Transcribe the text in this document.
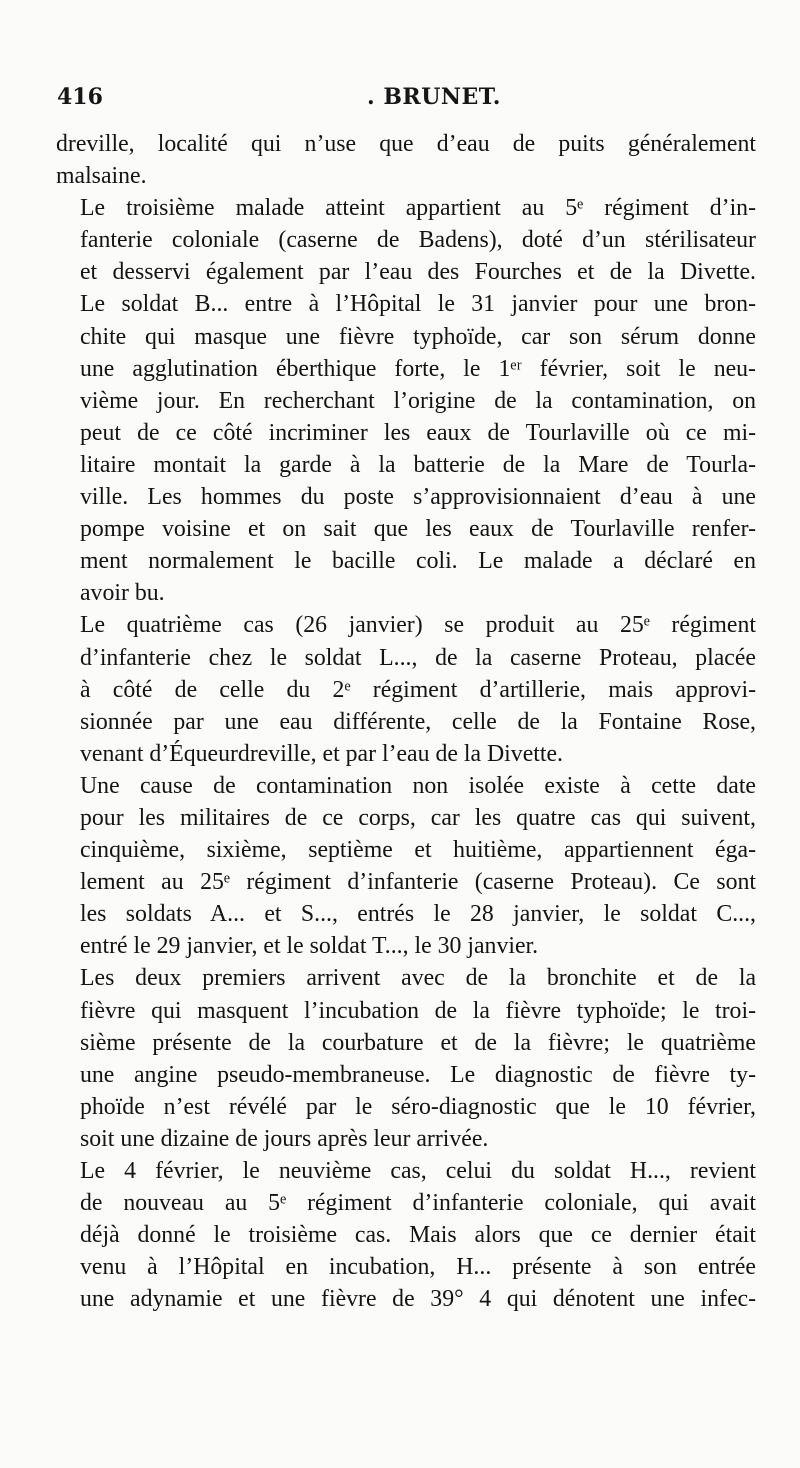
416	. BRUNET.

dreville, localité qui n’use que d’eau de puits généralement
malsaine.

Le troisième malade atteint appartient au 5ᵉ régiment d’in-
fanterie coloniale (caserne de Badens), doté d’un stérilisateur
et desservi également par l’eau des Fourches et de la Divette.
Le soldat B... entre à l’Hôpital le 31 janvier pour une bron-
chite qui masque une fièvre typhoïde, car son sérum donne
une agglutination éberthique forte, le 1ᵉʳ février, soit le neu-
vième jour. En recherchant l’origine de la contamination, on
peut de ce côté incriminer les eaux de Tourlaville où ce mi-
litaire montait la garde à la batterie de la Mare de Tourla-
ville. Les hommes du poste s’approvisionnaient d’eau à une
pompe voisine et on sait que les eaux de Tourlaville renfer-
ment normalement le bacille coli. Le malade a déclaré en
avoir bu.

Le quatrième cas (26 janvier) se produit au 25ᵉ régiment
d’infanterie chez le soldat L..., de la caserne Proteau, placée
à côté de celle du 2ᵉ régiment d’artillerie, mais approvi-
sionnée par une eau différente, celle de la Fontaine Rose,
venant d’Équeurdreville, et par l’eau de la Divette.

Une cause de contamination non isolée existe à cette date
pour les militaires de ce corps, car les quatre cas qui suivent,
cinquième, sixième, septième et huitième, appartiennent éga-
lement au 25ᵉ régiment d’infanterie (caserne Proteau). Ce sont
les soldats A... et S..., entrés le 28 janvier, le soldat C...,
entré le 29 janvier, et le soldat T..., le 30 janvier.

Les deux premiers arrivent avec de la bronchite et de la
fièvre qui masquent l’incubation de la fièvre typhoïde; le troi-
sième présente de la courbature et de la fièvre; le quatrième
une angine pseudo-membraneuse. Le diagnostic de fièvre ty-
phoïde n’est révélé par le séro-diagnostic que le 10 février,
soit une dizaine de jours après leur arrivée.

Le 4 février, le neuvième cas, celui du soldat H..., revient
de nouveau au 5ᵉ régiment d’infanterie coloniale, qui avait
déjà donné le troisième cas. Mais alors que ce dernier était
venu à l’Hôpital en incubation, H... présente à son entrée
une adynamie et une fièvre de 39° 4 qui dénotent une infec-
